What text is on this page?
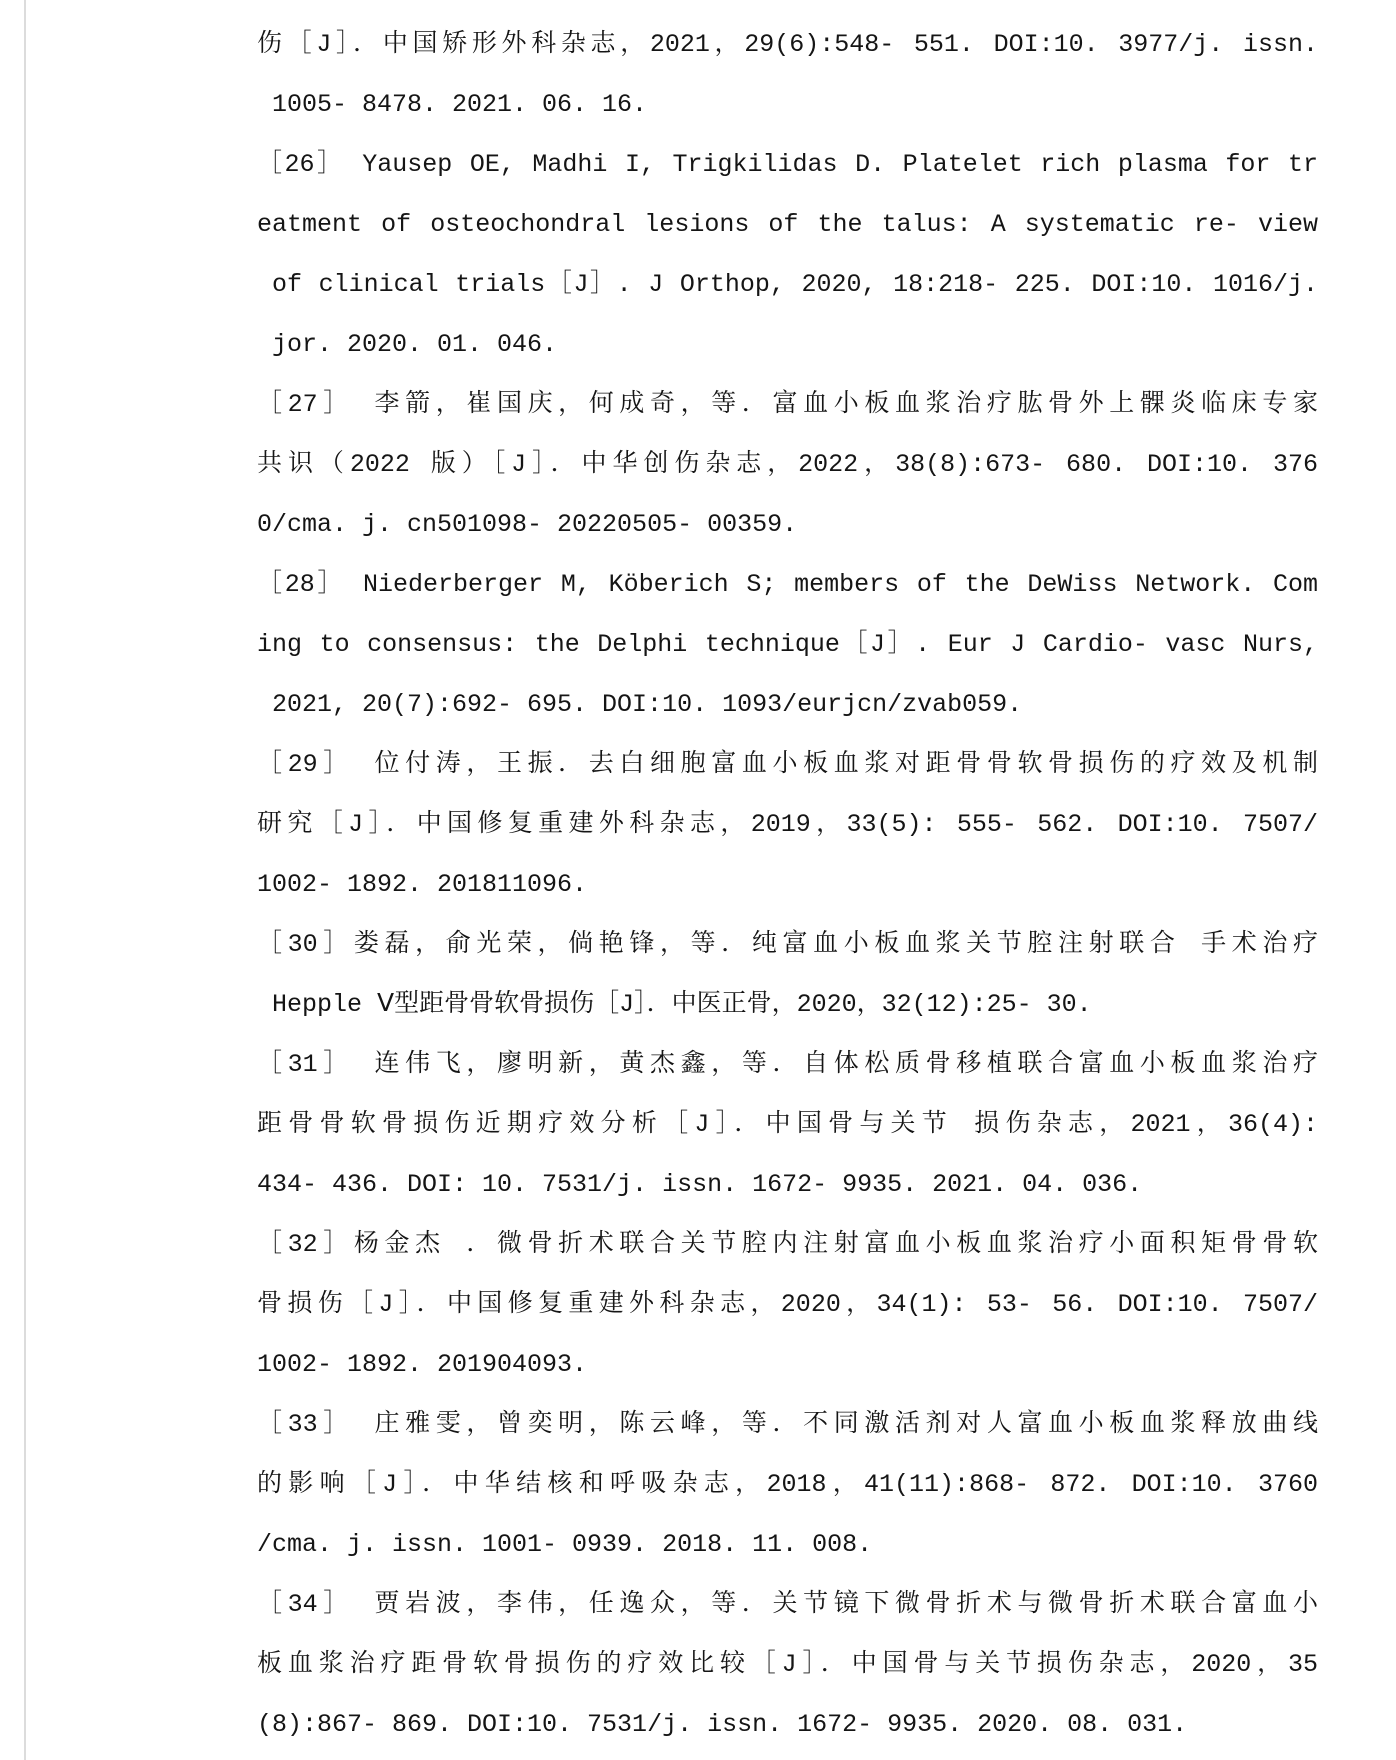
伤［J］．中国矫形外科杂志，2021，29(6):548- 551. DOI:10. 3977/j. issn.
1005- 8478. 2021. 06. 16.
［26］ Yausep OE, Madhi I, Trigkilidas D. Platelet rich plasma for tr
eatment of osteochondral lesions of the talus: A systematic re- view
of clinical trials［J］. J Orthop, 2020, 18:218- 225. DOI:10. 1016/j.
jor. 2020. 01. 046.
［27］ 李箭，崔国庆，何成奇，等．富血小板血浆治疗肱骨外上髁炎临床专家
共识（2022 版）［J］．中华创伤杂志，2022，38(8):673- 680. DOI:10. 376
0/cma. j. cn501098- 20220505- 00359.
［28］ Niederberger M, Köberich S; members of the DeWiss Network. Com
ing to consensus: the Delphi technique［J］. Eur J Cardio- vasc Nurs,
2021, 20(7):692- 695. DOI:10. 1093/eurjcn/zvab059.
［29］ 位付涛，王振．去白细胞富血小板血浆对距骨骨软骨损伤的疗效及机制
研究［J］．中国修复重建外科杂志，2019，33(5): 555- 562. DOI:10. 7507/
1002- 1892. 201811096.
［30］娄磊，俞光荣，倘艳锋，等．纯富血小板血浆关节腔注射联合 手术治疗
Hepple Ⅴ型距骨骨软骨损伤［J］．中医正骨，2020，32(12):25- 30.
［31］ 连伟飞，廖明新，黄杰鑫，等．自体松质骨移植联合富血小板血浆治疗
距骨骨软骨损伤近期疗效分析［J］．中国骨与关节 损伤杂志，2021，36(4):
434- 436. DOI: 10. 7531/j. issn. 1672- 9935. 2021. 04. 036.
［32］杨金杰 ．微骨折术联合关节腔内注射富血小板血浆治疗小面积矩骨骨软
骨损伤［J］．中国修复重建外科杂志，2020，34(1): 53- 56. DOI:10. 7507/
1002- 1892. 201904093.
［33］ 庄雅雯，曾奕明，陈云峰，等．不同激活剂对人富血小板血浆释放曲线
的影响［J］．中华结核和呼吸杂志，2018，41(11):868- 872. DOI:10. 3760
/cma. j. issn. 1001- 0939. 2018. 11. 008.
［34］ 贾岩波，李伟，任逸众，等．关节镜下微骨折术与微骨折术联合富血小
板血浆治疗距骨软骨损伤的疗效比较［J］．中国骨与关节损伤杂志，2020，35
(8):867- 869. DOI:10. 7531/j. issn. 1672- 9935. 2020. 08. 031.
